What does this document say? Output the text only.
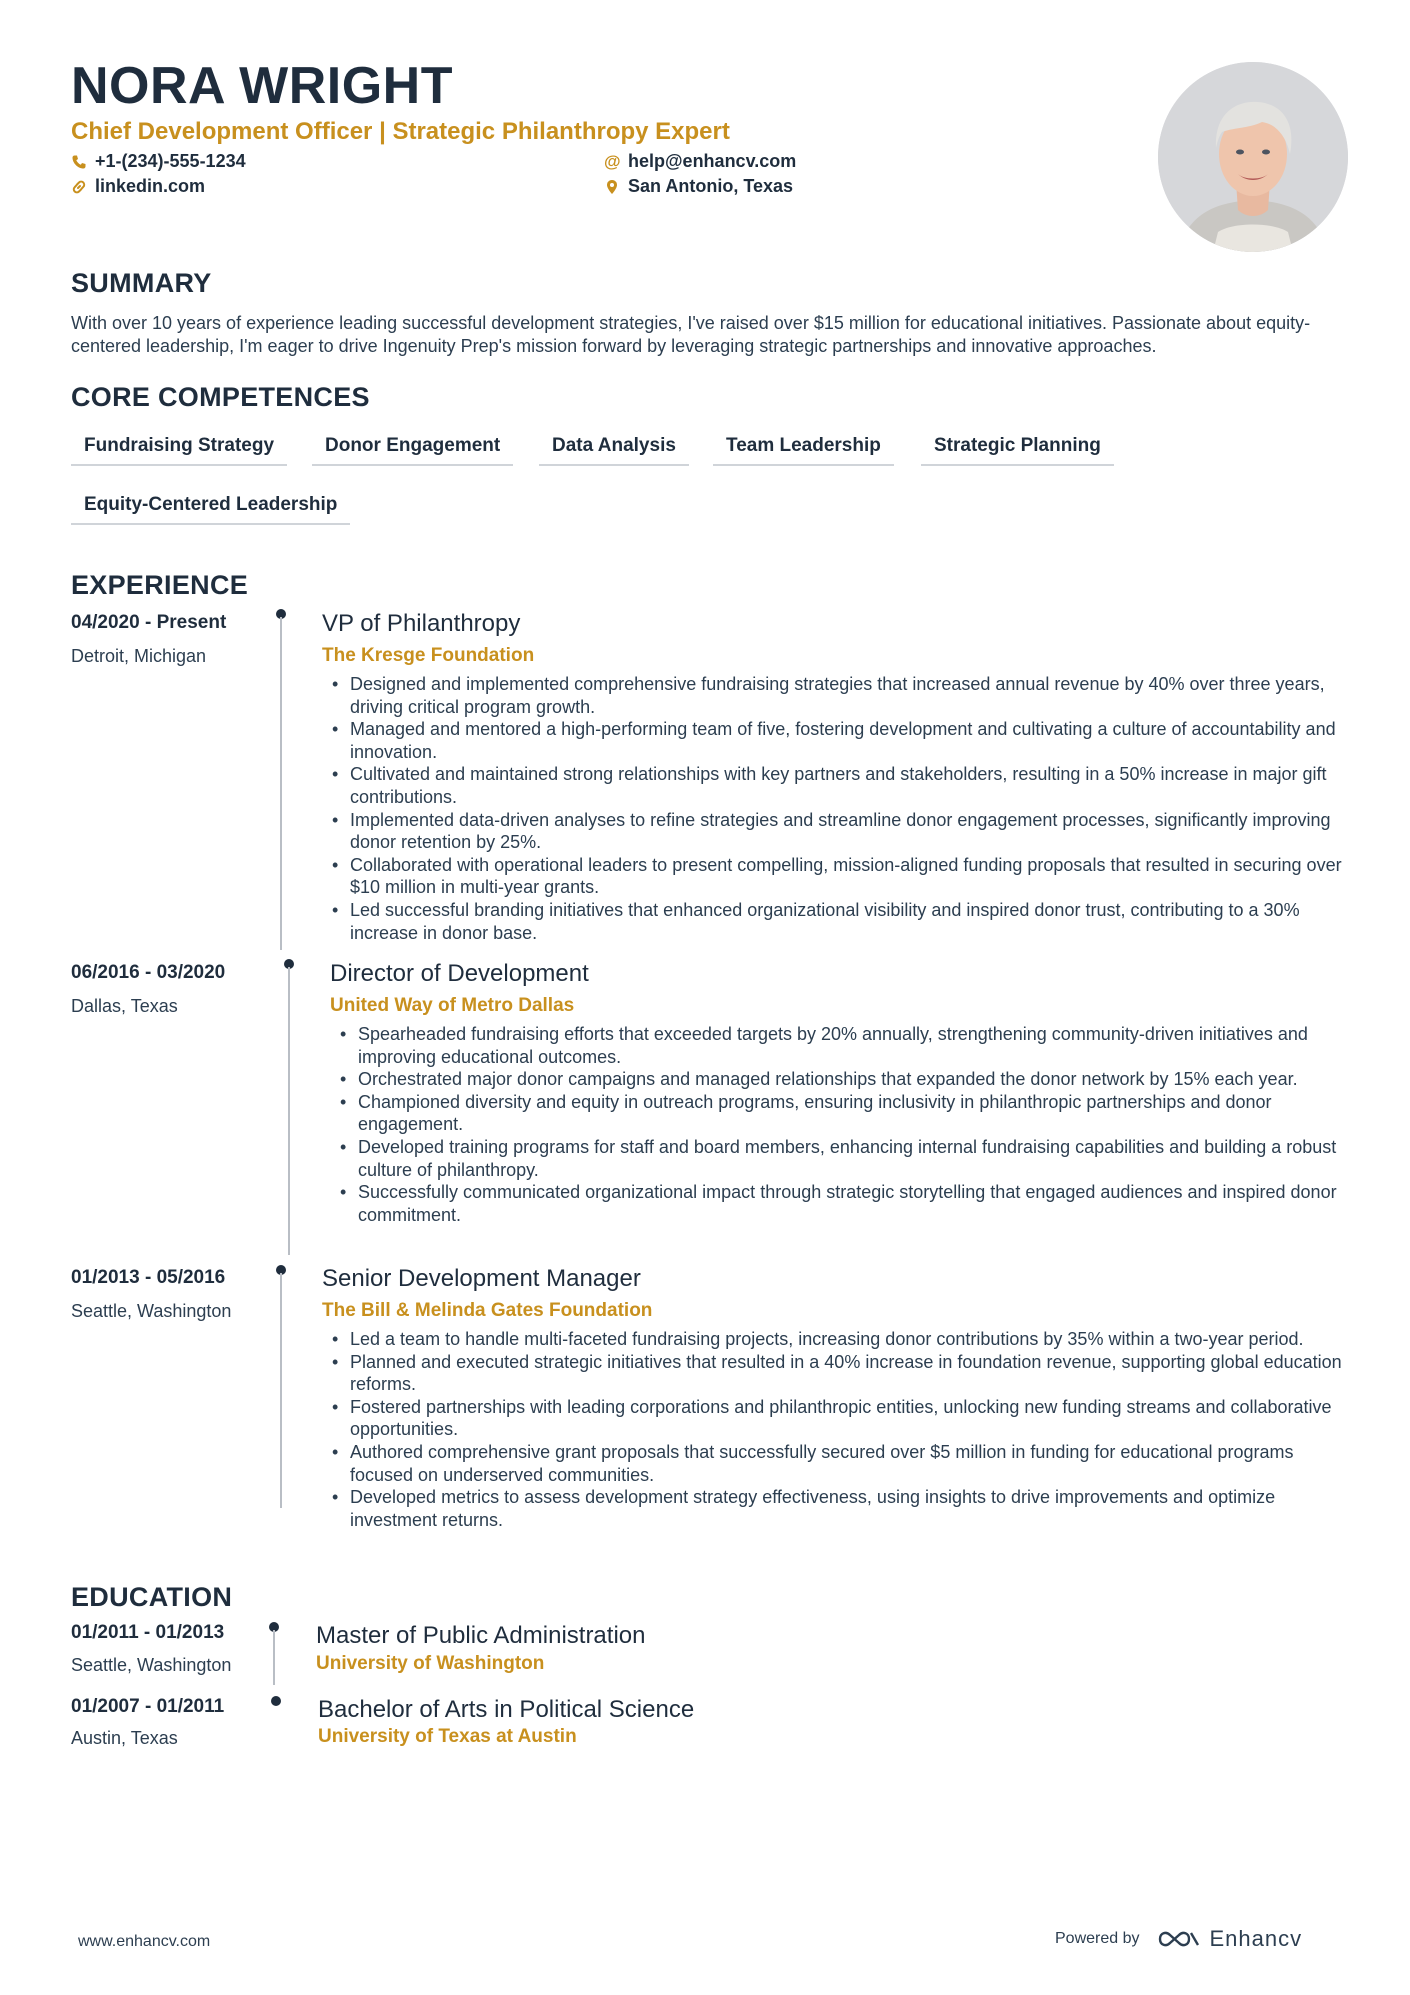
NORA WRIGHT
Chief Development Officer | Strategic Philanthropy Expert
+1-(234)-555-1234	@ help@enhancv.com
linkedin.com	San Antonio, Texas
SUMMARY
With over 10 years of experience leading successful development strategies, I've raised over $15 million for educational initiatives. Passionate about equity-centered leadership, I'm eager to drive Ingenuity Prep's mission forward by leveraging strategic partnerships and innovative approaches.
CORE COMPETENCES
Fundraising Strategy	Donor Engagement	Data Analysis	Team Leadership	Strategic Planning
Equity-Centered Leadership
EXPERIENCE
04/2020 - Present
Detroit, Michigan
VP of Philanthropy
The Kresge Foundation
• Designed and implemented comprehensive fundraising strategies that increased annual revenue by 40% over three years, driving critical program growth.
• Managed and mentored a high-performing team of five, fostering development and cultivating a culture of accountability and innovation.
• Cultivated and maintained strong relationships with key partners and stakeholders, resulting in a 50% increase in major gift contributions.
• Implemented data-driven analyses to refine strategies and streamline donor engagement processes, significantly improving donor retention by 25%.
• Collaborated with operational leaders to present compelling, mission-aligned funding proposals that resulted in securing over $10 million in multi-year grants.
• Led successful branding initiatives that enhanced organizational visibility and inspired donor trust, contributing to a 30% increase in donor base.
06/2016 - 03/2020
Dallas, Texas
Director of Development
United Way of Metro Dallas
• Spearheaded fundraising efforts that exceeded targets by 20% annually, strengthening community-driven initiatives and improving educational outcomes.
• Orchestrated major donor campaigns and managed relationships that expanded the donor network by 15% each year.
• Championed diversity and equity in outreach programs, ensuring inclusivity in philanthropic partnerships and donor engagement.
• Developed training programs for staff and board members, enhancing internal fundraising capabilities and building a robust culture of philanthropy.
• Successfully communicated organizational impact through strategic storytelling that engaged audiences and inspired donor commitment.
01/2013 - 05/2016
Seattle, Washington
Senior Development Manager
The Bill & Melinda Gates Foundation
• Led a team to handle multi-faceted fundraising projects, increasing donor contributions by 35% within a two-year period.
• Planned and executed strategic initiatives that resulted in a 40% increase in foundation revenue, supporting global education reforms.
• Fostered partnerships with leading corporations and philanthropic entities, unlocking new funding streams and collaborative opportunities.
• Authored comprehensive grant proposals that successfully secured over $5 million in funding for educational programs focused on underserved communities.
• Developed metrics to assess development strategy effectiveness, using insights to drive improvements and optimize investment returns.
EDUCATION
01/2011 - 01/2013
Seattle, Washington
Master of Public Administration
University of Washington
01/2007 - 01/2011
Austin, Texas
Bachelor of Arts in Political Science
University of Texas at Austin
www.enhancv.com	Powered by	Enhancv
